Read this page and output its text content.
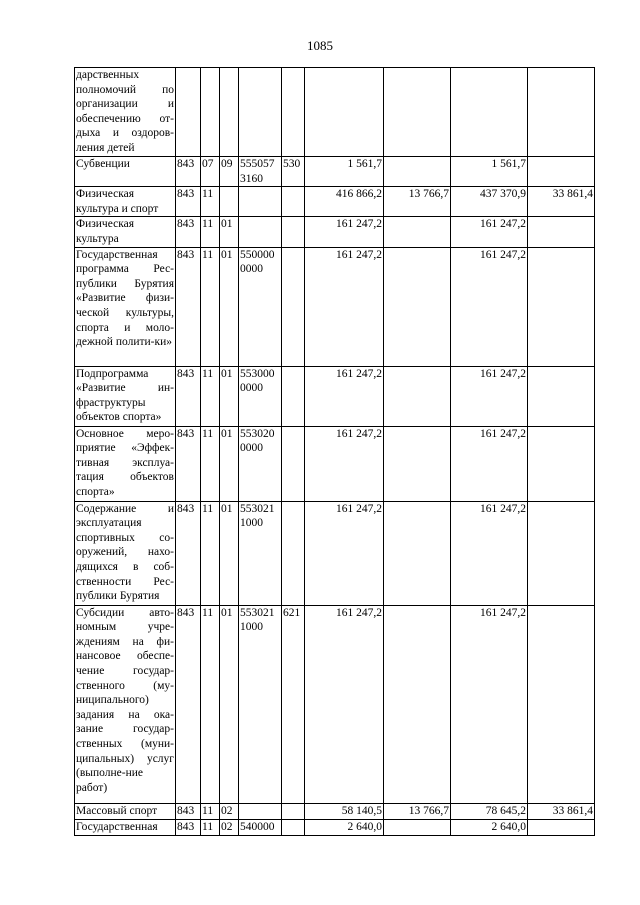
1085
дарственных полномочий по организации и обеспечению от-дыха и оздоров-ления детей									
Субвенции	843	07	09	555057 3160	530	1 561,7		1 561,7	
Физическая культура и спорт	843	11				416 866,2	13 766,7	437 370,9	33 861,4
Физическая культура	843	11	01			161 247,2		161 247,2	
Государственная программа Рес-публики Бурятия «Развитие физи-ческой культуры, спорта и моло-дежной полити-ки»	843	11	01	550000 0000		161 247,2		161 247,2	
Подпрограмма «Развитие ин-фраструктуры объектов спорта»	843	11	01	553000 0000		161 247,2		161 247,2	
Основное меро-приятие «Эффек-тивная эксплуа-тация объектов спорта»	843	11	01	553020 0000		161 247,2		161 247,2	
Содержание и эксплуатация спортивных со-оружений, нахо-дящихся в соб-ственности Рес-публики Бурятия	843	11	01	553021 1000		161 247,2		161 247,2	
Субсидии авто-номным учре-ждениям на фи-нансовое обеспе-чение государ-ственного (му-ниципального) задания на ока-зание государ-ственных (муни-ципальных) услуг (выполне-ние работ)	843	11	01	553021 1000	621	161 247,2		161 247,2	
Массовый спорт	843	11	02			58 140,5	13 766,7	78 645,2	33 861,4
Государственная	843	11	02	540000		2 640,0		2 640,0	
